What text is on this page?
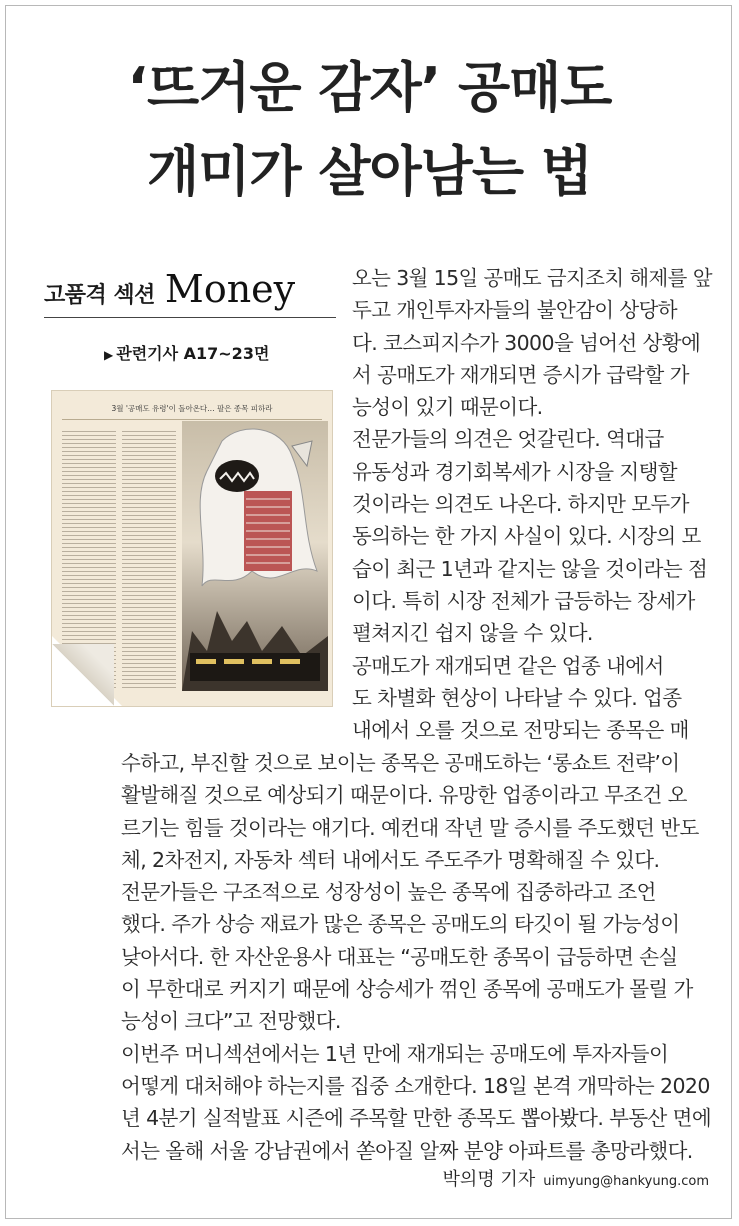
‘뜨거운 감자’ 공매도
개미가 살아남는 법
고품격 섹션 Money
▶ 관련기사 A17~23면
3월 '공매도 유령'이 돌아온다… 팔은 종목 피하라
오는 3월 15일 공매도 금지조치 해제를 앞
두고 개인투자자들의 불안감이 상당하
다. 코스피지수가 3000을 넘어선 상황에
서 공매도가 재개되면 증시가 급락할 가
능성이 있기 때문이다.
전문가들의 의견은 엇갈린다. 역대급
유동성과 경기회복세가 시장을 지탱할
것이라는 의견도 나온다. 하지만 모두가
동의하는 한 가지 사실이 있다. 시장의 모
습이 최근 1년과 같지는 않을 것이라는 점
이다. 특히 시장 전체가 급등하는 장세가
펼쳐지긴 쉽지 않을 수 있다.
공매도가 재개되면 같은 업종 내에서
도 차별화 현상이 나타날 수 있다. 업종
내에서 오를 것으로 전망되는 종목은 매
수하고, 부진할 것으로 보이는 종목은 공매도하는 ‘롱쇼트 전략’이
활발해질 것으로 예상되기 때문이다. 유망한 업종이라고 무조건 오
르기는 힘들 것이라는 얘기다. 예컨대 작년 말 증시를 주도했던 반도
체, 2차전지, 자동차 섹터 내에서도 주도주가 명확해질 수 있다.
전문가들은 구조적으로 성장성이 높은 종목에 집중하라고 조언
했다. 주가 상승 재료가 많은 종목은 공매도의 타깃이 될 가능성이
낮아서다. 한 자산운용사 대표는 “공매도한 종목이 급등하면 손실
이 무한대로 커지기 때문에 상승세가 꺾인 종목에 공매도가 몰릴 가
능성이 크다”고 전망했다.
이번주 머니섹션에서는 1년 만에 재개되는 공매도에 투자자들이
어떻게 대처해야 하는지를 집중 소개한다. 18일 본격 개막하는 2020
년 4분기 실적발표 시즌에 주목할 만한 종목도 뽑아봤다. 부동산 면에
서는 올해 서울 강남권에서 쏟아질 알짜 분양 아파트를 총망라했다.
박의명 기자 uimyung@hankyung.com
